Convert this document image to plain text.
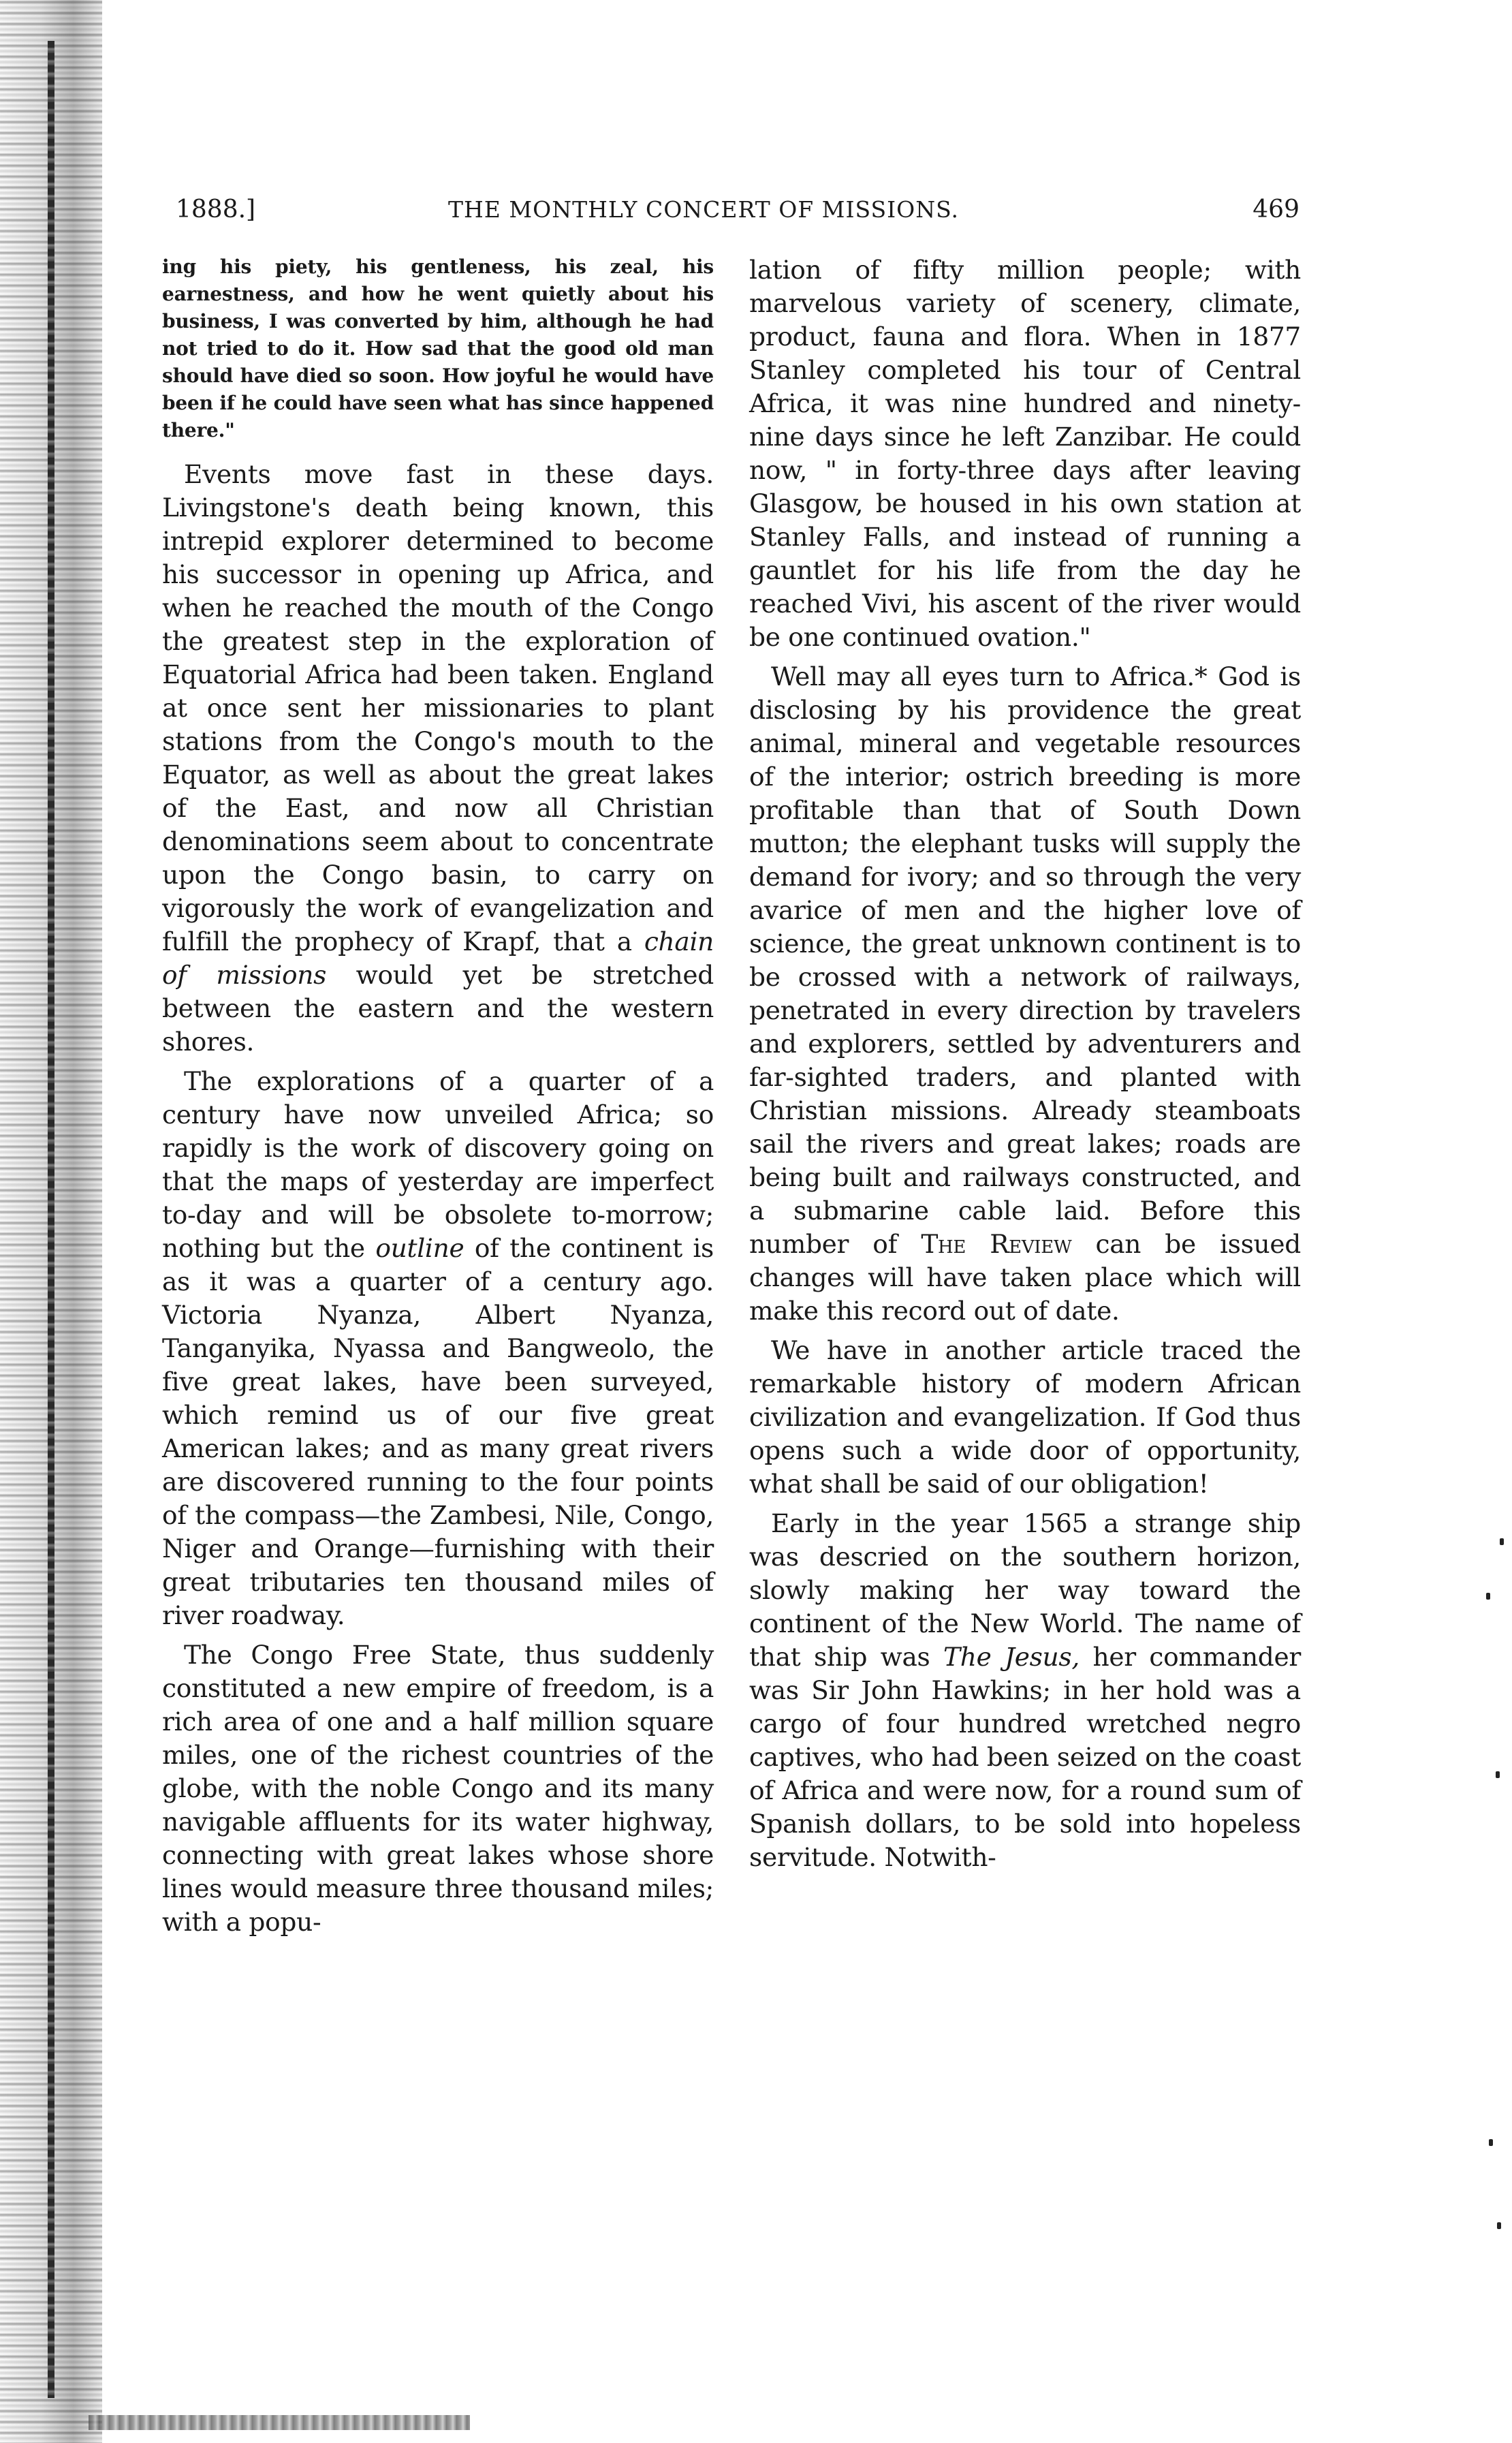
1888.]	THE MONTHLY CONCERT OF MISSIONS.	469

ing his piety, his gentleness, his zeal, his earnestness, and how he went quietly about his business, I was converted by him, although he had not tried to do it. How sad that the good old man should have died so soon. How joyful he would have been if he could have seen what has since happened there."

Events move fast in these days. Livingstone's death being known, this intrepid explorer determined to become his successor in opening up Africa, and when he reached the mouth of the Congo the greatest step in the exploration of Equatorial Africa had been taken. England at once sent her missionaries to plant stations from the Congo's mouth to the Equator, as well as about the great lakes of the East, and now all Christian denominations seem about to concentrate upon the Congo basin, to carry on vigorously the work of evangelization and fulfill the prophecy of Krapf, that a chain of missions would yet be stretched between the eastern and the western shores.

The explorations of a quarter of a century have now unveiled Africa; so rapidly is the work of discovery going on that the maps of yesterday are imperfect to-day and will be obsolete to-morrow; nothing but the outline of the continent is as it was a quarter of a century ago. Victoria Nyanza, Albert Nyanza, Tanganyika, Nyassa and Bangweolo, the five great lakes, have been surveyed, which remind us of our five great American lakes; and as many great rivers are discovered running to the four points of the compass—the Zambesi, Nile, Congo, Niger and Orange—furnishing with their great tributaries ten thousand miles of river roadway.

The Congo Free State, thus suddenly constituted a new empire of freedom, is a rich area of one and a half million square miles, one of the richest countries of the globe, with the noble Congo and its many navigable affluents for its water highway, connecting with great lakes whose shore lines would measure three thousand miles; with a popu-

lation of fifty million people; with marvelous variety of scenery, climate, product, fauna and flora. When in 1877 Stanley completed his tour of Central Africa, it was nine hundred and ninety-nine days since he left Zanzibar. He could now, " in forty-three days after leaving Glasgow, be housed in his own station at Stanley Falls, and instead of running a gauntlet for his life from the day he reached Vivi, his ascent of the river would be one continued ovation."

Well may all eyes turn to Africa.* God is disclosing by his providence the great animal, mineral and vegetable resources of the interior; ostrich breeding is more profitable than that of South Down mutton; the elephant tusks will supply the demand for ivory; and so through the very avarice of men and the higher love of science, the great unknown continent is to be crossed with a network of railways, penetrated in every direction by travelers and explorers, settled by adventurers and far-sighted traders, and planted with Christian missions. Already steamboats sail the rivers and great lakes; roads are being built and railways constructed, and a submarine cable laid. Before this number of The Review can be issued changes will have taken place which will make this record out of date.

We have in another article traced the remarkable history of modern African civilization and evangelization. If God thus opens such a wide door of opportunity, what shall be said of our obligation!

Early in the year 1565 a strange ship was descried on the southern horizon, slowly making her way toward the continent of the New World. The name of that ship was The Jesus, her commander was Sir John Hawkins; in her hold was a cargo of four hundred wretched negro captives, who had been seized on the coast of Africa and were now, for a round sum of Spanish dollars, to be sold into hopeless servitude. Notwith-
